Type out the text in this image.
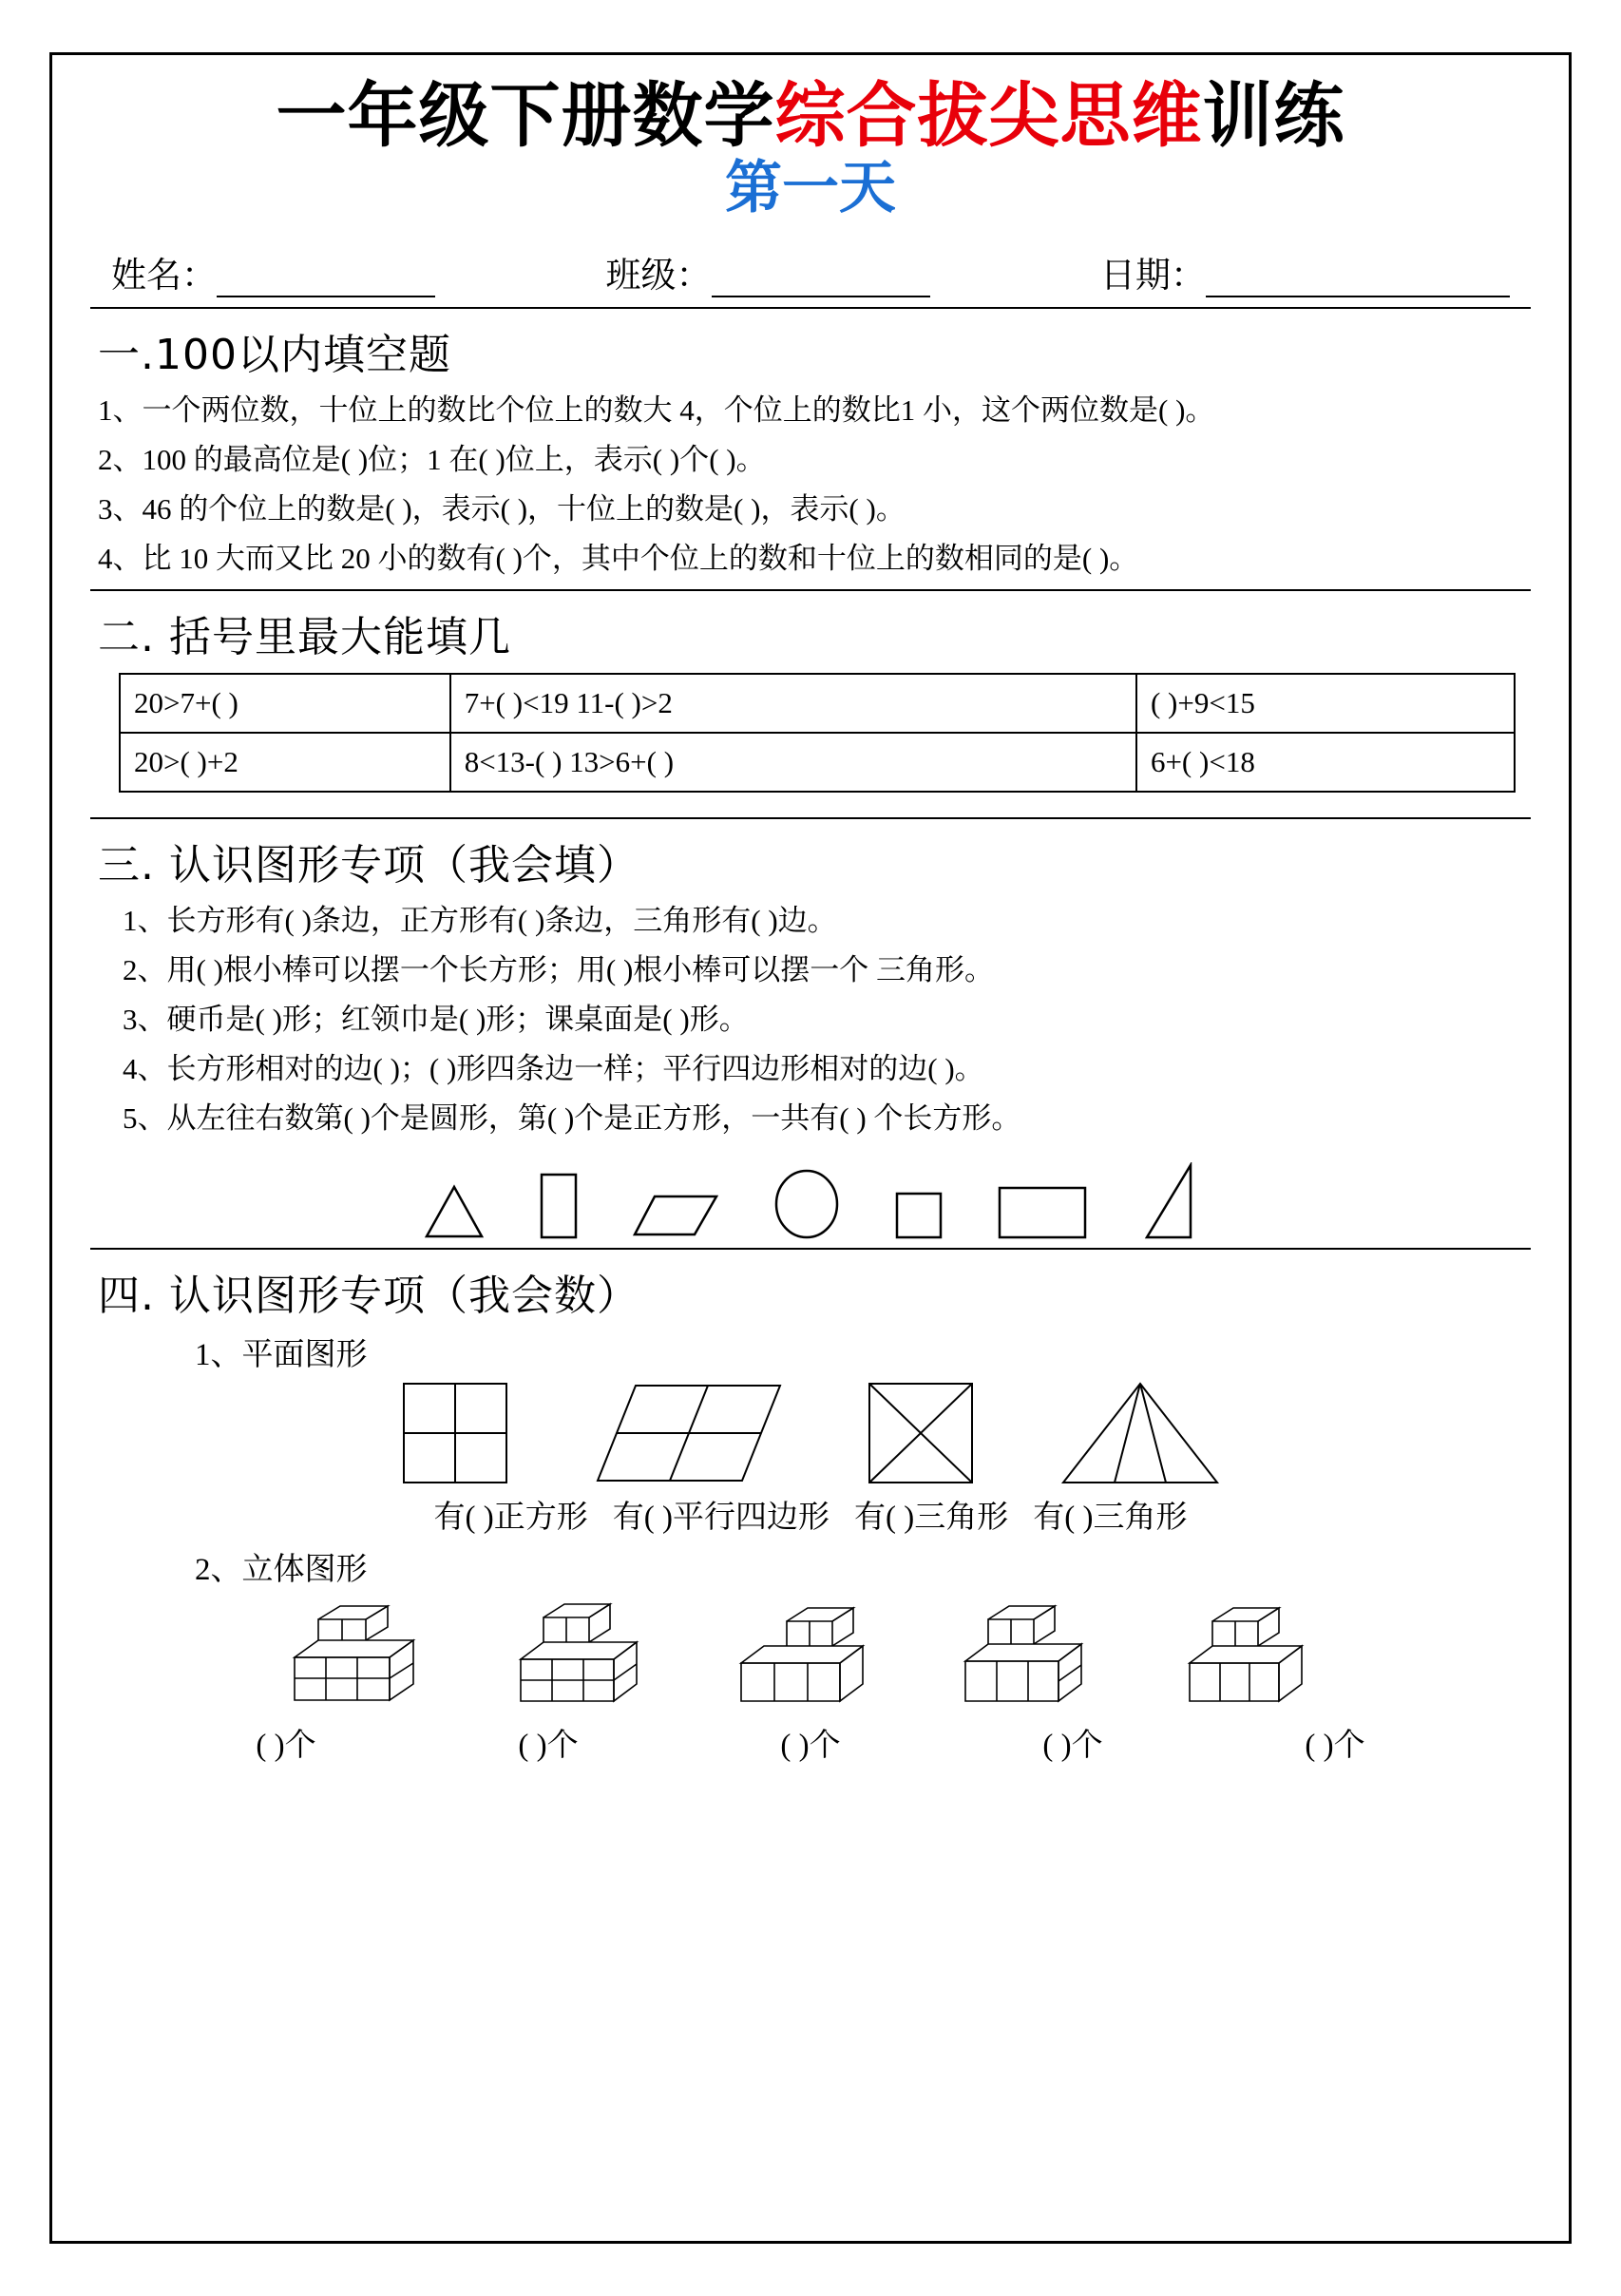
一年级下册数学综合拔尖思维训练
第一天
姓名：	班级：	日期：
一.100以内填空题
1、一个两位数，十位上的数比个位上的数大 4，个位上的数比1 小，这个两位数是( )。
2、100 的最高位是( )位；1 在( )位上，表示( )个( )。
3、46 的个位上的数是( )，表示( )，十位上的数是( )，表示( )。
4、比 10 大而又比 20 小的数有( )个，其中个位上的数和十位上的数相同的是( )。
二. 括号里最大能填几
20>7+( )	7+( )<19 11-( )>2	( )+9<15
20>( )+2	8<13-( ) 13>6+( )	6+( )<18
三. 认识图形专项（我会填）
1、长方形有( )条边，正方形有( )条边，三角形有( )边。
2、用( )根小棒可以摆一个长方形；用( )根小棒可以摆一个 三角形。
3、硬币是( )形；红领巾是( )形；课桌面是( )形。
4、长方形相对的边( )；( )形四条边一样；平行四边形相对的边( )。
5、从左往右数第( )个是圆形，第( )个是正方形，一共有( ) 个长方形。
四. 认识图形专项（我会数）
1、平面图形
有( )正方形 有( )平行四边形 有( )三角形 有( )三角形
2、立体图形
( )个	( )个	( )个	( )个	( )个
